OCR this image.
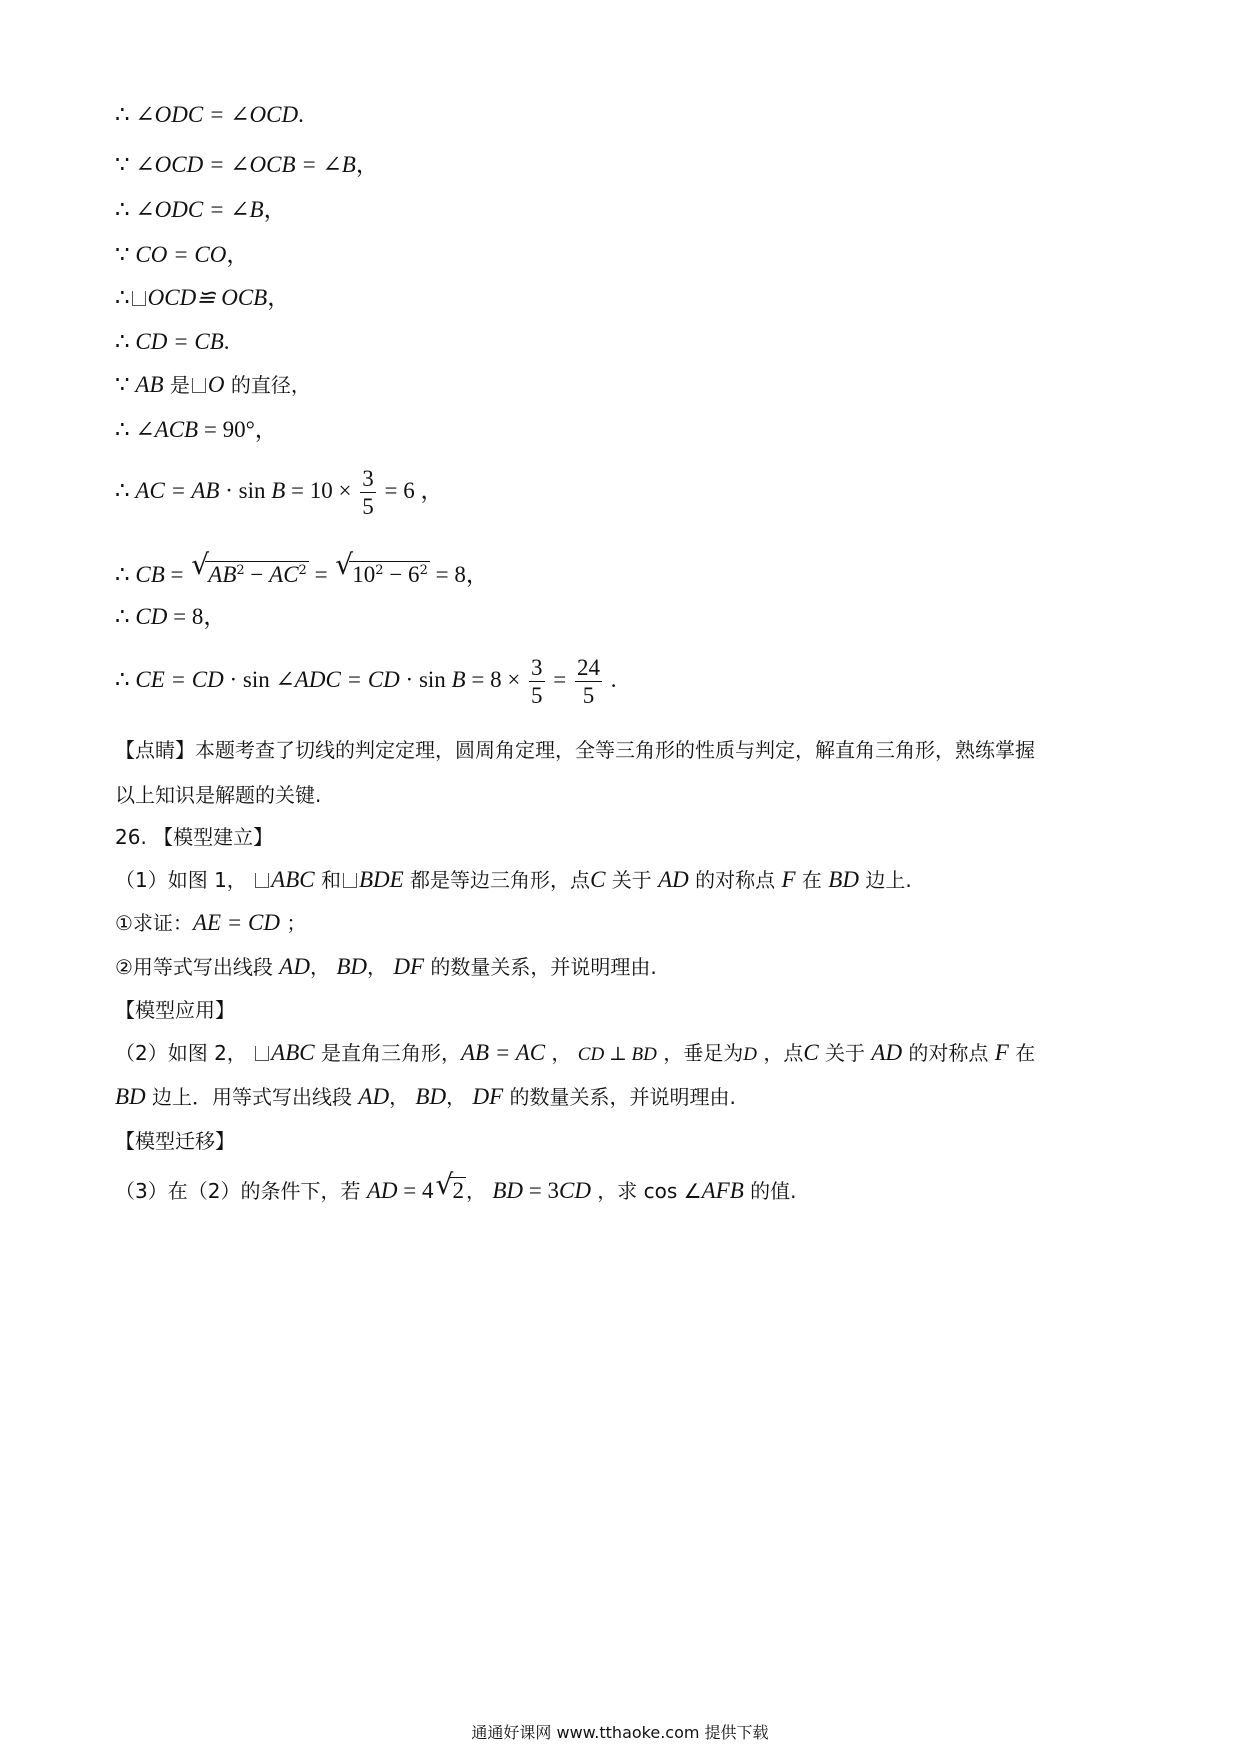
∴ ∠ODC = ∠OCD.
∵ ∠OCD = ∠OCB = ∠B，
∴ ∠ODC = ∠B，
∵ CO = CO，
∴ OCD≌ OCB，
∴ CD = CB.
∵ AB 是 O 的直径，
∴ ∠ACB = 90°，
∴ AC = AB · $\sin B = 10 \times \frac{3}{5} = 6$ ，
∴ CB = √ $AB^2 - AC^2$ = √ $10^2 - 6^2 = 8$，
∴ CD = 8，
∴ CE = CD · sin ∠ADC = CD · $\sin B = 8 \times \frac{3}{5} = \frac{24}{5}$ .
【点睛】本题考查了切线的判定定理，圆周角定理，全等三角形的性质与判定，解直角三角形，熟练掌握
以上知识是解题的关键.
26. 【模型建立】
（1）如图 1， ABC 和 BDE 都是等边三角形，点C 关于 AD 的对称点 F 在 BD 边上.
①求证：AE = CD ；
②用等式写出线段 AD， BD， DF 的数量关系，并说明理由.
【模型应用】
（2）如图 2， ABC 是直角三角形，AB = AC ， CD ⊥ BD ，垂足为D ，点C 关于 AD 的对称点 F 在
BD 边上．用等式写出线段 AD， BD， DF 的数量关系，并说明理由.
【模型迁移】
（3）在（2）的条件下，若 AD = 4 √ 2 ， BD = 3CD ，求 cos ∠AFB 的值.
通通好课网 www.tthaoke.com 提供下载
